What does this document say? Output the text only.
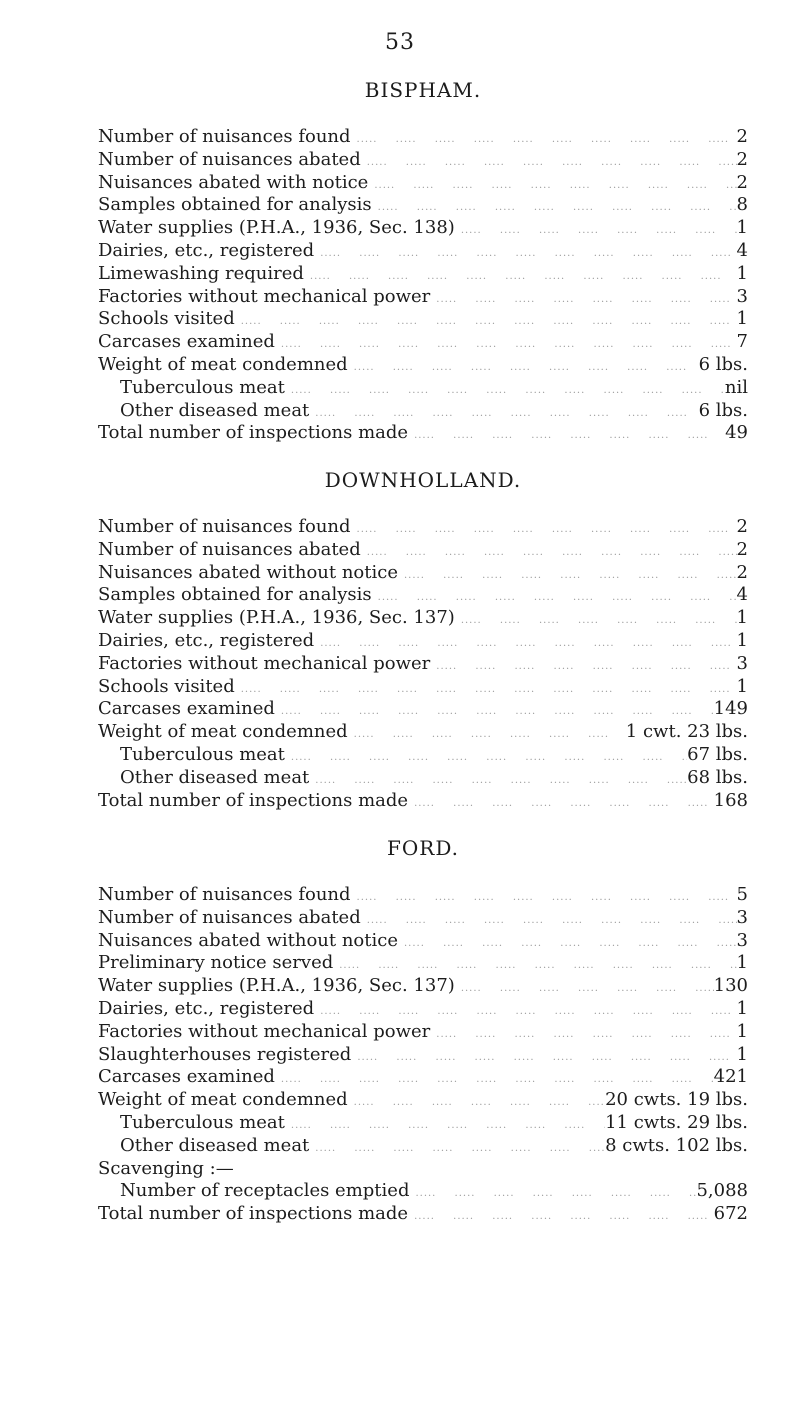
53
BISPHAM.
Number of nuisances found .....	2
Number of nuisances abated .....	2
Nuisances abated with notice .....	2
Samples obtained for analysis .....	8
Water supplies (P.H.A., 1936, Sec. 138) .....	1
Dairies, etc., registered .....	4
Limewashing required .....	1
Factories without mechanical power .....	3
Schools visited .....	1
Carcases examined .....	7
Weight of meat condemned .....	6 lbs.
Tuberculous meat .....	nil
Other diseased meat .....	6 lbs.
Total number of inspections made .....	49
DOWNHOLLAND.
Number of nuisances found .....	2
Number of nuisances abated .....	2
Nuisances abated without notice .....	2
Samples obtained for analysis .....	4
Water supplies (P.H.A., 1936, Sec. 137) .....	1
Dairies, etc., registered .....	1
Factories without mechanical power .....	3
Schools visited .....	1
Carcases examined .....	149
Weight of meat condemned .....	1 cwt. 23 lbs.
Tuberculous meat .....	67 lbs.
Other diseased meat .....	68 lbs.
Total number of inspections made .....	168
FORD.
Number of nuisances found .....	5
Number of nuisances abated .....	3
Nuisances abated without notice .....	3
Preliminary notice served .....	1
Water supplies (P.H.A., 1936, Sec. 137) .....	130
Dairies, etc., registered .....	1
Factories without mechanical power .....	1
Slaughterhouses registered .....	1
Carcases examined .....	421
Weight of meat condemned .....	20 cwts. 19 lbs.
Tuberculous meat .....	11 cwts. 29 lbs.
Other diseased meat .....	8 cwts. 102 lbs.
Scavenging :—
Number of receptacles emptied .....	5,088
Total number of inspections made .....	672
